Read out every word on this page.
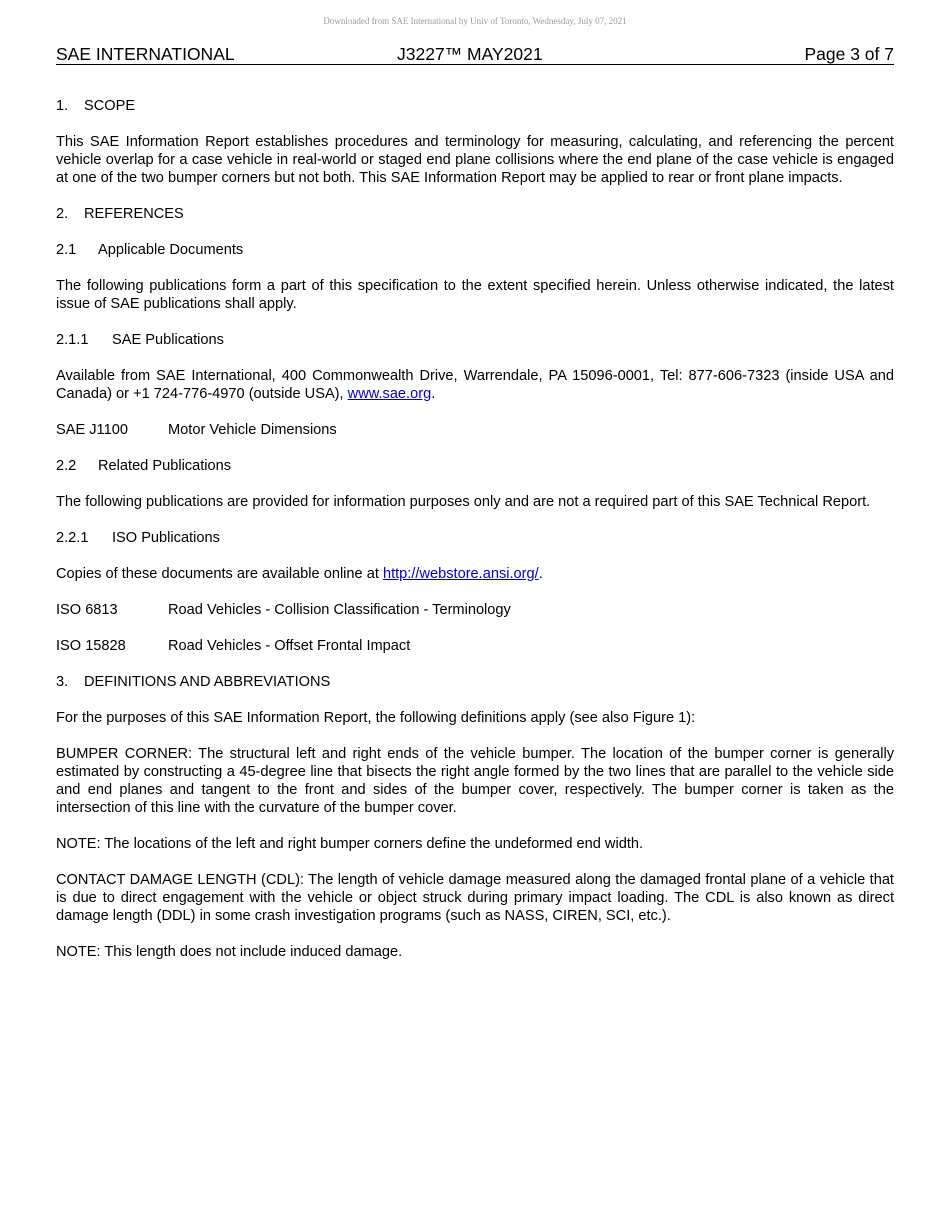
Downloaded from SAE International by Univ of Toronto, Wednesday, July 07, 2021
SAE INTERNATIONAL	J3227™ MAY2021	Page 3 of 7
1. SCOPE

This SAE Information Report establishes procedures and terminology for measuring, calculating, and referencing the percent vehicle overlap for a case vehicle in real-world or staged end plane collisions where the end plane of the case vehicle is engaged at one of the two bumper corners but not both. This SAE Information Report may be applied to rear or front plane impacts.

2. REFERENCES
2.1 Applicable Documents

The following publications form a part of this specification to the extent specified herein. Unless otherwise indicated, the latest issue of SAE publications shall apply.

2.1.1 SAE Publications

Available from SAE International, 400 Commonwealth Drive, Warrendale, PA 15096-0001, Tel: 877-606-7323 (inside USA and Canada) or +1 724-776-4970 (outside USA), www.sae.org.

SAE J1100	Motor Vehicle Dimensions
2.2 Related Publications

The following publications are provided for information purposes only and are not a required part of this SAE Technical Report.

2.2.1 ISO Publications

Copies of these documents are available online at http://webstore.ansi.org/.

ISO 6813	Road Vehicles - Collision Classification - Terminology
ISO 15828	Road Vehicles - Offset Frontal Impact
3. DEFINITIONS AND ABBREVIATIONS

For the purposes of this SAE Information Report, the following definitions apply (see also Figure 1):

BUMPER CORNER: The structural left and right ends of the vehicle bumper. The location of the bumper corner is generally estimated by constructing a 45-degree line that bisects the right angle formed by the two lines that are parallel to the vehicle side and end planes and tangent to the front and sides of the bumper cover, respectively. The bumper corner is taken as the intersection of this line with the curvature of the bumper cover.

NOTE: The locations of the left and right bumper corners define the undeformed end width.

CONTACT DAMAGE LENGTH (CDL): The length of vehicle damage measured along the damaged frontal plane of a vehicle that is due to direct engagement with the vehicle or object struck during primary impact loading. The CDL is also known as direct damage length (DDL) in some crash investigation programs (such as NASS, CIREN, SCI, etc.).

NOTE: This length does not include induced damage.
